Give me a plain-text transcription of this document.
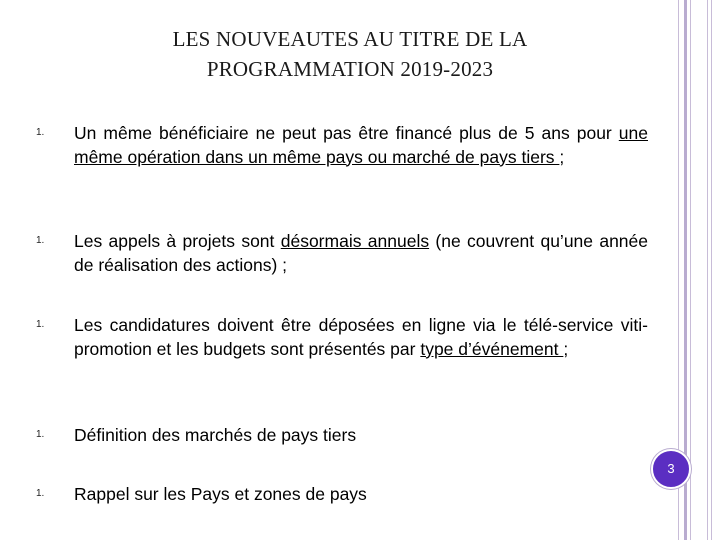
LES NOUVEAUTES AU TITRE DE LA
PROGRAMMATION 2019-2023
1. Un même bénéficiaire ne peut pas être financé plus de 5 ans pour une même opération dans un même pays ou marché de pays tiers ;
1. Les appels à projets sont désormais annuels (ne couvrent qu’une année de réalisation des actions) ;
1. Les candidatures doivent être déposées en ligne via le télé-service viti-promotion et les budgets sont présentés par type d’événement ;
1. Définition des marchés de pays tiers
1. Rappel sur les Pays et zones de pays
3
